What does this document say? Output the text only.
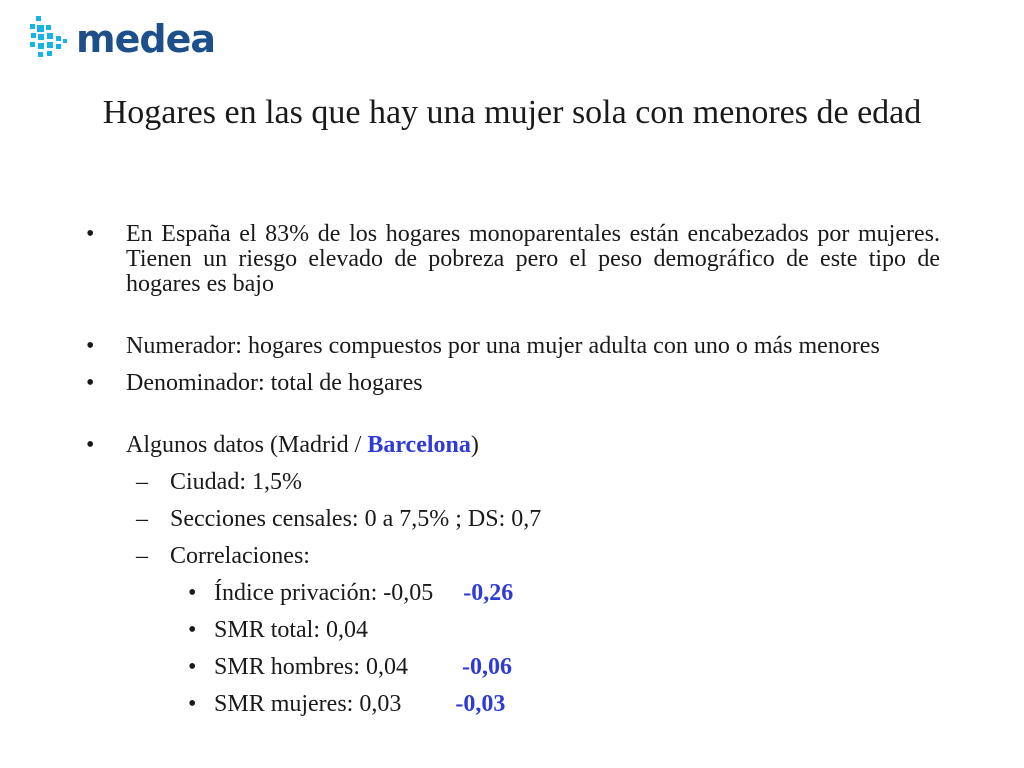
medea
Hogares en las que hay una mujer sola con menores de edad
• En España el 83% de los hogares monoparentales están encabezados por mujeres. Tienen un riesgo elevado de pobreza pero el peso demográfico de este tipo de hogares es bajo
• Numerador: hogares compuestos por una mujer adulta con uno o más menores
• Denominador: total de hogares
• Algunos datos (Madrid / Barcelona)
– Ciudad: 1,5%
– Secciones censales: 0 a 7,5% ; DS: 0,7
– Correlaciones:
• Índice privación: -0,05 -0,26
• SMR total: 0,04
• SMR hombres: 0,04 -0,06
• SMR mujeres: 0,03 -0,03
